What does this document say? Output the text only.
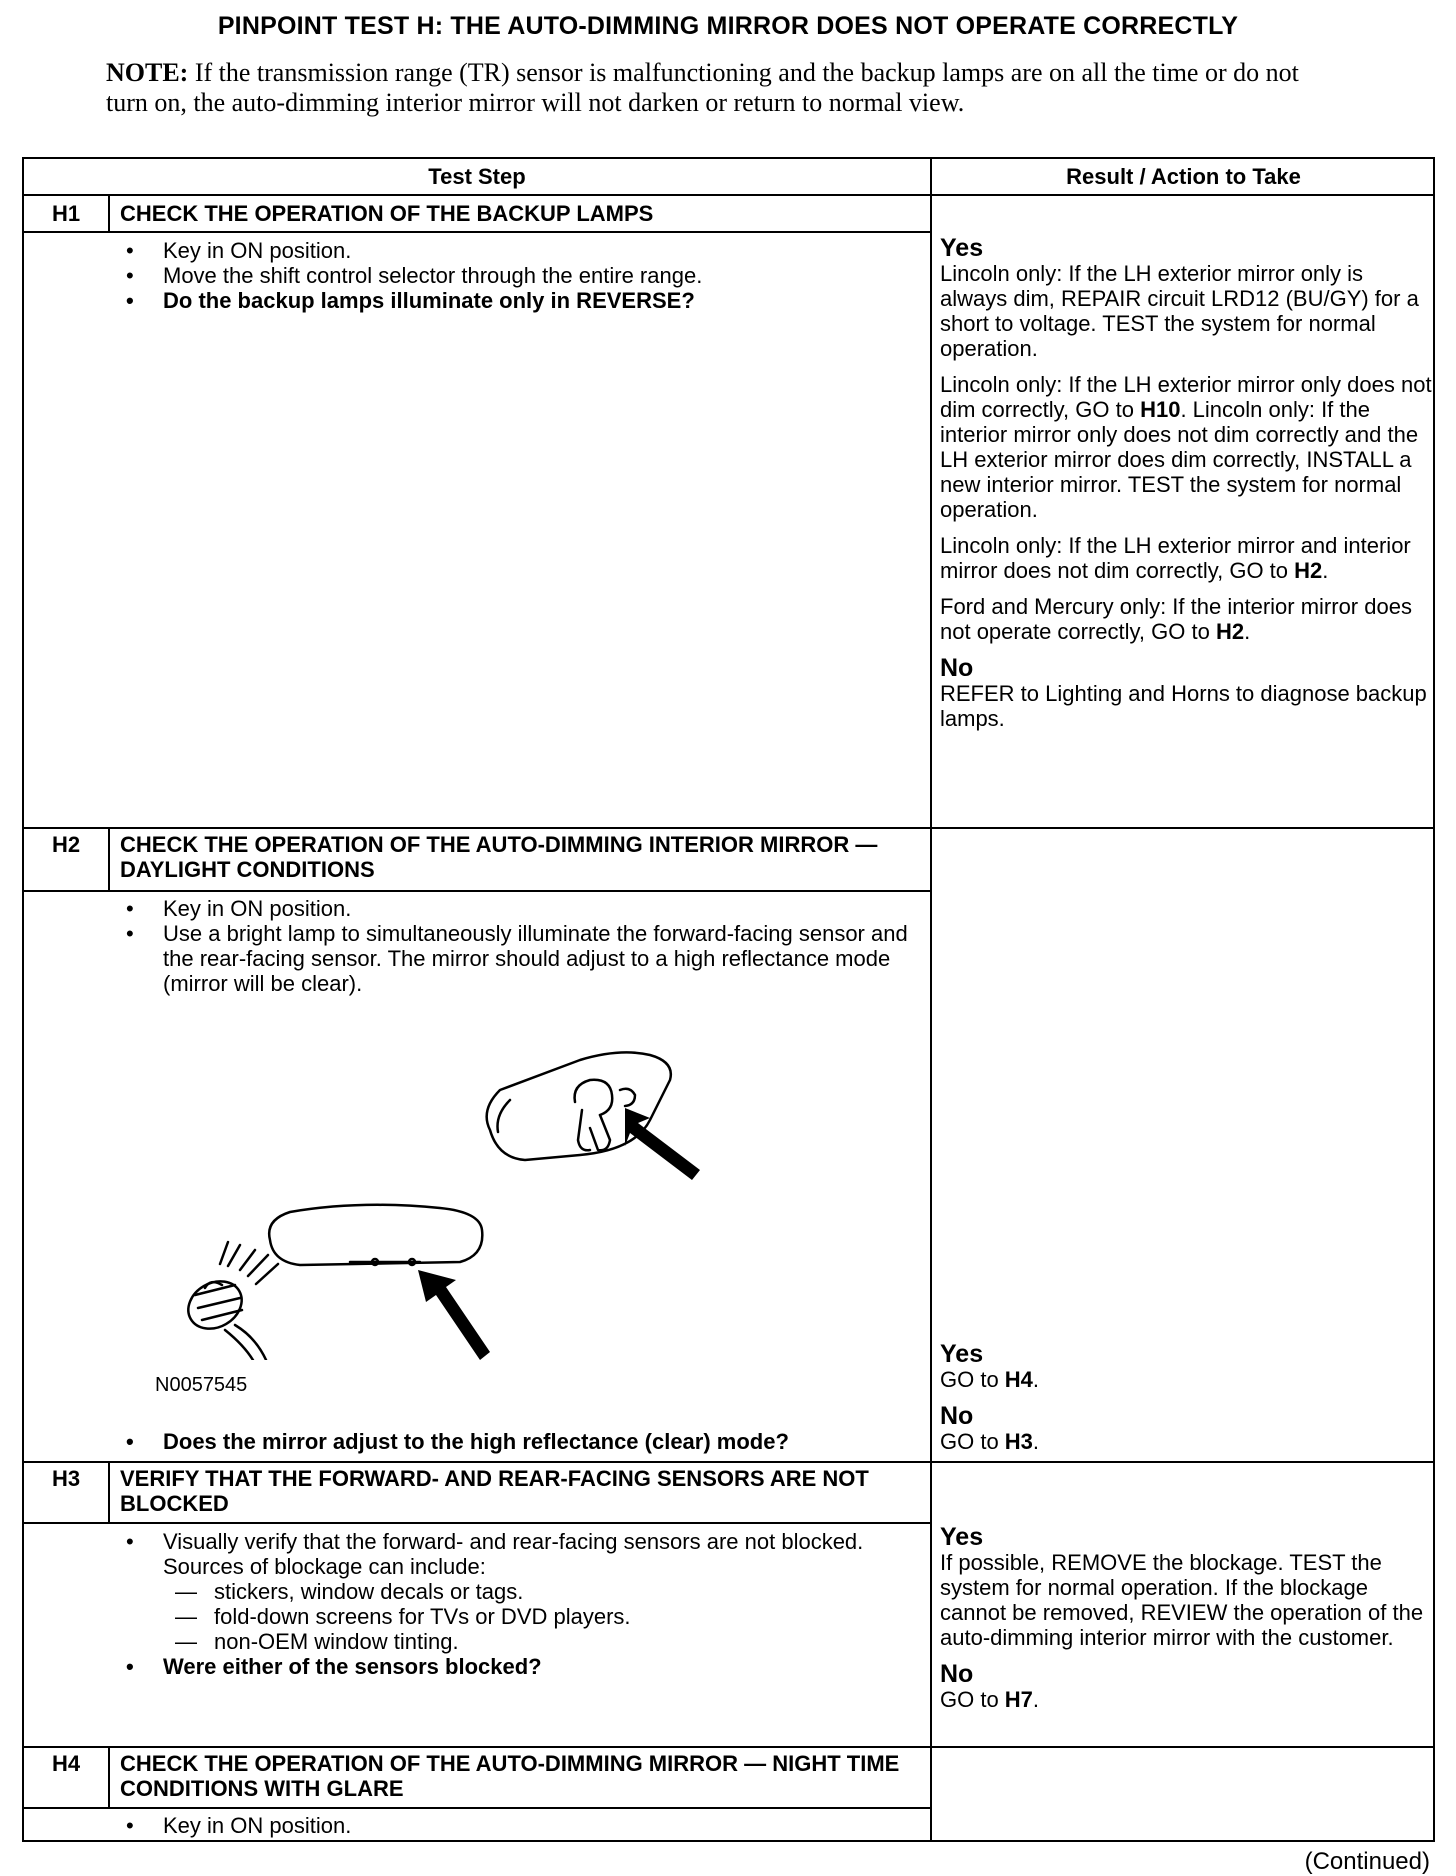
PINPOINT TEST H: THE AUTO-DIMMING MIRROR DOES NOT OPERATE CORRECTLY
NOTE: If the transmission range (TR) sensor is malfunctioning and the backup lamps are on all the time or do not turn on, the auto-dimming interior mirror will not darken or return to normal view.
Test Step	Result / Action to Take
H1	CHECK THE OPERATION OF THE BACKUP LAMPS
• Key in ON position.
• Move the shift control selector through the entire range.
• Do the backup lamps illuminate only in REVERSE?
Yes
Lincoln only: If the LH exterior mirror only is always dim, REPAIR circuit LRD12 (BU/GY) for a short to voltage. TEST the system for normal operation.
Lincoln only: If the LH exterior mirror only does not dim correctly, GO to H10. Lincoln only: If the interior mirror only does not dim correctly and the LH exterior mirror does dim correctly, INSTALL a new interior mirror. TEST the system for normal operation.
Lincoln only: If the LH exterior mirror and interior mirror does not dim correctly, GO to H2.
Ford and Mercury only: If the interior mirror does not operate correctly, GO to H2.
No
REFER to Lighting and Horns to diagnose backup lamps.
H2	CHECK THE OPERATION OF THE AUTO-DIMMING INTERIOR MIRROR — DAYLIGHT CONDITIONS
• Key in ON position.
• Use a bright lamp to simultaneously illuminate the forward-facing sensor and the rear-facing sensor. The mirror should adjust to a high reflectance mode (mirror will be clear).
• Does the mirror adjust to the high reflectance (clear) mode?
Yes
GO to H4.
No
GO to H3.
H3	VERIFY THAT THE FORWARD- AND REAR-FACING SENSORS ARE NOT BLOCKED
• Visually verify that the forward- and rear-facing sensors are not blocked. Sources of blockage can include:
— stickers, window decals or tags.
— fold-down screens for TVs or DVD players.
— non-OEM window tinting.
• Were either of the sensors blocked?
Yes
If possible, REMOVE the blockage. TEST the system for normal operation. If the blockage cannot be removed, REVIEW the operation of the auto-dimming interior mirror with the customer.
No
GO to H7.
H4	CHECK THE OPERATION OF THE AUTO-DIMMING MIRROR — NIGHT TIME CONDITIONS WITH GLARE
• Key in ON position.
N0057545
(Continued)
